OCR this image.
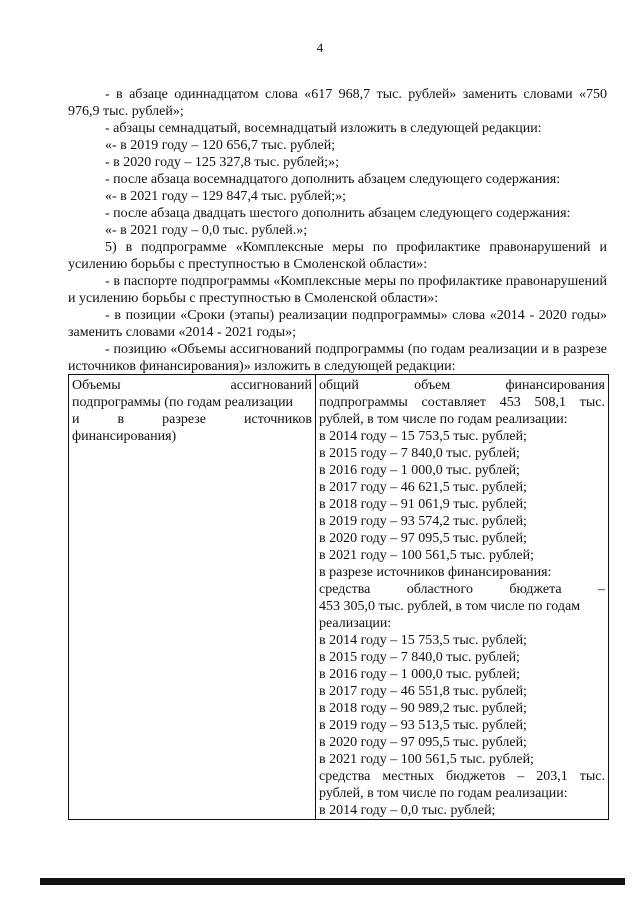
4

- в абзаце одиннадцатом слова «617 968,7 тыс. рублей» заменить словами «750 976,9 тыс. рублей»;

- абзацы семнадцатый, восемнадцатый изложить в следующей редакции:

«- в 2019 году – 120 656,7 тыс. рублей;

- в 2020 году – 125 327,8 тыс. рублей;»;

- после абзаца восемнадцатого дополнить абзацем следующего содержания:

«- в 2021 году – 129 847,4 тыс. рублей;»;

- после абзаца двадцать шестого дополнить абзацем следующего содержания:

«- в 2021 году – 0,0 тыс. рублей.»;

5) в подпрограмме «Комплексные меры по профилактике правонарушений и усилению борьбы с преступностью в Смоленской области»:

- в паспорте подпрограммы «Комплексные меры по профилактике правонарушений и усилению борьбы с преступностью в Смоленской области»:

- в позиции «Сроки (этапы) реализации подпрограммы» слова «2014 - 2020 годы» заменить словами «2014 - 2021 годы»;

- позицию «Объемы ассигнований подпрограммы (по годам реализации и в разрезе источников финансирования)» изложить в следующей редакции:

Объемы ассигнований
подпрограммы (по годам реализации
и в разрезе источников
финансирования)

общий объем финансирования
подпрограммы составляет 453 508,1 тыс.
рублей, в том числе по годам реализации:
в 2014 году – 15 753,5 тыс. рублей;
в 2015 году – 7 840,0 тыс. рублей;
в 2016 году – 1 000,0 тыс. рублей;
в 2017 году – 46 621,5 тыс. рублей;
в 2018 году – 91 061,9 тыс. рублей;
в 2019 году – 93 574,2 тыс. рублей;
в 2020 году – 97 095,5 тыс. рублей;
в 2021 году – 100 561,5 тыс. рублей;
в разрезе источников финансирования:
средства областного бюджета –
453 305,0 тыс. рублей, в том числе по годам
реализации:
в 2014 году – 15 753,5 тыс. рублей;
в 2015 году – 7 840,0 тыс. рублей;
в 2016 году – 1 000,0 тыс. рублей;
в 2017 году – 46 551,8 тыс. рублей;
в 2018 году – 90 989,2 тыс. рублей;
в 2019 году – 93 513,5 тыс. рублей;
в 2020 году – 97 095,5 тыс. рублей;
в 2021 году – 100 561,5 тыс. рублей;
средства местных бюджетов – 203,1 тыс.
рублей, в том числе по годам реализации:
в 2014 году – 0,0 тыс. рублей;
